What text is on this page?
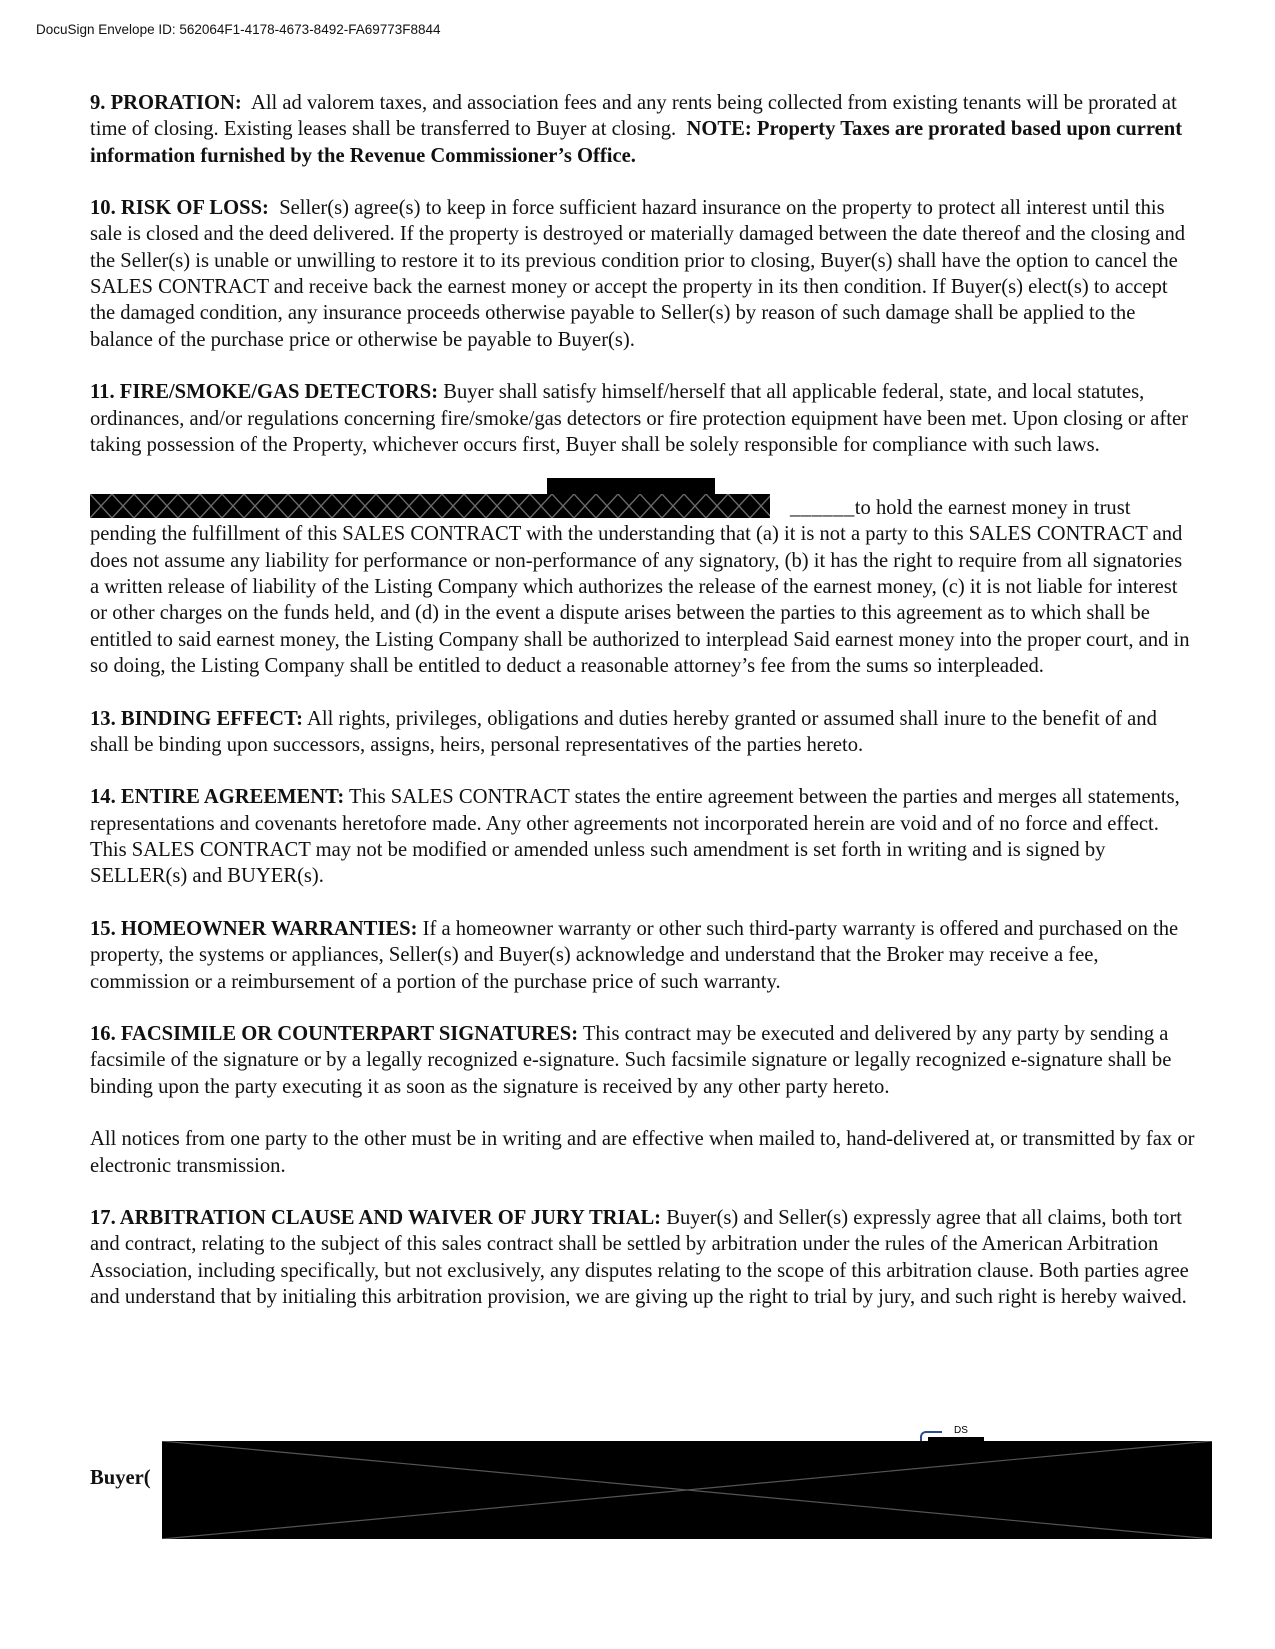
DocuSign Envelope ID: 562064F1-4178-4673-8492-FA69773F8844

9. PRORATION: All ad valorem taxes, and association fees and any rents being collected from existing tenants will be prorated at time of closing. Existing leases shall be transferred to Buyer at closing. NOTE: Property Taxes are prorated based upon current information furnished by the Revenue Commissioner’s Office.

10. RISK OF LOSS: Seller(s) agree(s) to keep in force sufficient hazard insurance on the property to protect all interest until this sale is closed and the deed delivered. If the property is destroyed or materially damaged between the date thereof and the closing and the Seller(s) is unable or unwilling to restore it to its previous condition prior to closing, Buyer(s) shall have the option to cancel the SALES CONTRACT and receive back the earnest money or accept the property in its then condition. If Buyer(s) elect(s) to accept the damaged condition, any insurance proceeds otherwise payable to Seller(s) by reason of such damage shall be applied to the balance of the purchase price or otherwise be payable to Buyer(s).

11. FIRE/SMOKE/GAS DETECTORS: Buyer shall satisfy himself/herself that all applicable federal, state, and local statutes, ordinances, and/or regulations concerning fire/smoke/gas detectors or fire protection equipment have been met. Upon closing or after taking possession of the Property, whichever occurs first, Buyer shall be solely responsible for compliance with such laws.

______to hold the earnest money in trust pending the fulfillment of this SALES CONTRACT with the understanding that (a) it is not a party to this SALES CONTRACT and does not assume any liability for performance or non-performance of any signatory, (b) it has the right to require from all signatories a written release of liability of the Listing Company which authorizes the release of the earnest money, (c) it is not liable for interest or other charges on the funds held, and (d) in the event a dispute arises between the parties to this agreement as to which shall be entitled to said earnest money, the Listing Company shall be authorized to interplead Said earnest money into the proper court, and in so doing, the Listing Company shall be entitled to deduct a reasonable attorney’s fee from the sums so interpleaded.

13. BINDING EFFECT: All rights, privileges, obligations and duties hereby granted or assumed shall inure to the benefit of and shall be binding upon successors, assigns, heirs, personal representatives of the parties hereto.

14. ENTIRE AGREEMENT: This SALES CONTRACT states the entire agreement between the parties and merges all statements, representations and covenants heretofore made. Any other agreements not incorporated herein are void and of no force and effect. This SALES CONTRACT may not be modified or amended unless such amendment is set forth in writing and is signed by SELLER(s) and BUYER(s).

15. HOMEOWNER WARRANTIES: If a homeowner warranty or other such third-party warranty is offered and purchased on the property, the systems or appliances, Seller(s) and Buyer(s) acknowledge and understand that the Broker may receive a fee, commission or a reimbursement of a portion of the purchase price of such warranty.

16. FACSIMILE OR COUNTERPART SIGNATURES: This contract may be executed and delivered by any party by sending a facsimile of the signature or by a legally recognized e-signature. Such facsimile signature or legally recognized e-signature shall be binding upon the party executing it as soon as the signature is received by any other party hereto.

All notices from one party to the other must be in writing and are effective when mailed to, hand-delivered at, or transmitted by fax or electronic transmission.

17. ARBITRATION CLAUSE AND WAIVER OF JURY TRIAL: Buyer(s) and Seller(s) expressly agree that all claims, both tort and contract, relating to the subject of this sales contract shall be settled by arbitration under the rules of the American Arbitration Association, including specifically, but not exclusively, any disputes relating to the scope of this arbitration clause. Both parties agree and understand that by initialing this arbitration provision, we are giving up the right to trial by jury, and such right is hereby waived.

DS
Buyer(
